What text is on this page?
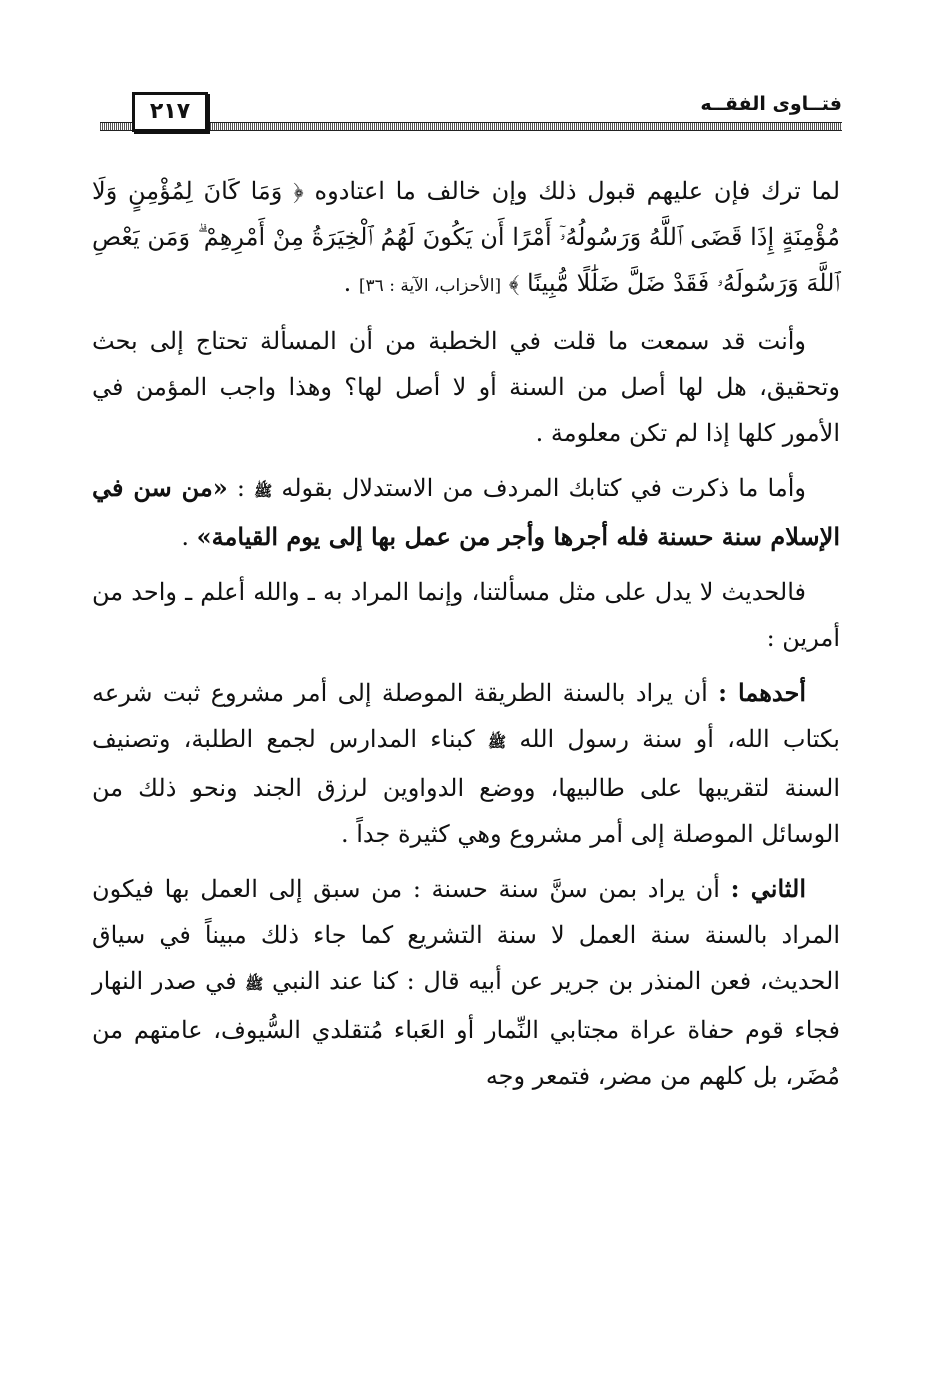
٢١٧	فتــاوى الفقــه

لما ترك فإن عليهم قبول ذلك وإن خالف ما اعتادوه ﴿ وَمَا كَانَ لِمُؤْمِنٍ وَلَا مُؤْمِنَةٍ إِذَا قَضَى ٱللَّهُ وَرَسُولُهُۥٓ أَمْرًا أَن يَكُونَ لَهُمُ ٱلْخِيَرَةُ مِنْ أَمْرِهِمْ ۗ وَمَن يَعْصِ ٱللَّهَ وَرَسُولَهُۥ فَقَدْ ضَلَّ ضَلَٰلًا مُّبِينًا ﴾ [الأحزاب، الآية : ٣٦] .

وأنت قد سمعت ما قلت في الخطبة من أن المسألة تحتاج إلى بحث وتحقيق، هل لها أصل من السنة أو لا أصل لها؟ وهذا واجب المؤمن في الأمور كلها إذا لم تكن معلومة .

وأما ما ذكرت في كتابك المردف من الاستدلال بقوله ﷺ : «من سن في الإسلام سنة حسنة فله أجرها وأجر من عمل بها إلى يوم القيامة» .

فالحديث لا يدل على مثل مسألتنا، وإنما المراد به ـ والله أعلم ـ واحد من أمرين :

أحدهما : أن يراد بالسنة الطريقة الموصلة إلى أمر مشروع ثبت شرعه بكتاب الله، أو سنة رسول الله ﷺ كبناء المدارس لجمع الطلبة، وتصنيف السنة لتقريبها على طالبيها، ووضع الدواوين لرزق الجند ونحو ذلك من الوسائل الموصلة إلى أمر مشروع وهي كثيرة جداً .

الثاني : أن يراد بمن سنَّ سنة حسنة : من سبق إلى العمل بها فيكون المراد بالسنة سنة العمل لا سنة التشريع كما جاء ذلك مبيناً في سياق الحديث، فعن المنذر بن جرير عن أبيه قال : كنا عند النبي ﷺ في صدر النهار فجاء قوم حفاة عراة مجتابي النِّمار أو العَباء مُتقلدي السُّيوف، عامتهم من مُضَر، بل كلهم من مضر، فتمعر وجه
